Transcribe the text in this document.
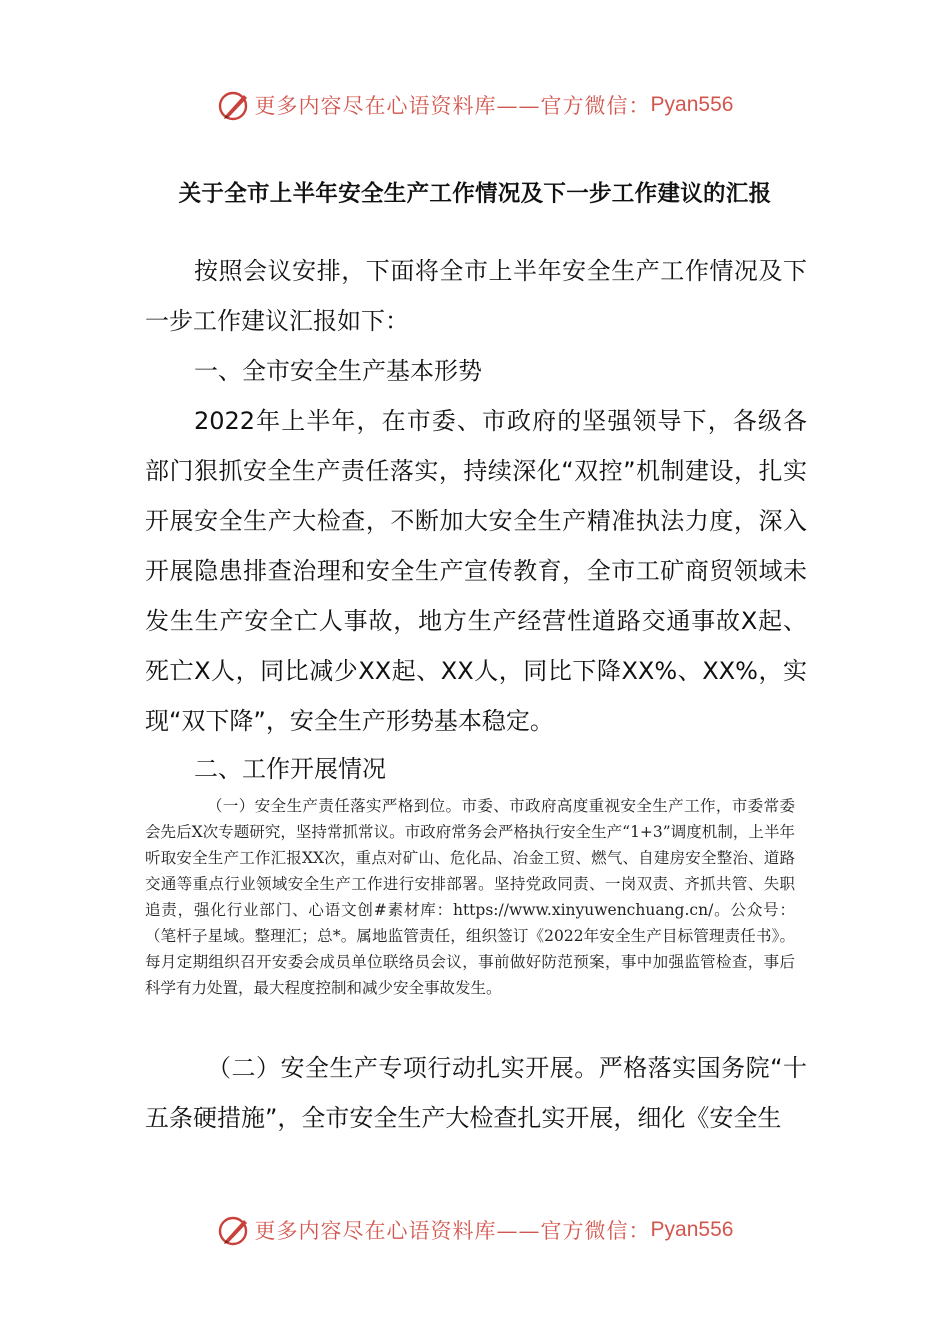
更多内容尽在心语资料库——官方微信： Pyan556
关于全市上半年安全生产工作情况及下一步工作建议的汇报

按照会议安排，下面将全市上半年安全生产工作情况及下一步工作建议汇报如下：

一、全市安全生产基本形势

2022年上半年，在市委、市政府的坚强领导下，各级各部门狠抓安全生产责任落实，持续深化“双控”机制建设，扎实开展安全生产大检查，不断加大安全生产精准执法力度，深入开展隐患排查治理和安全生产宣传教育，全市工矿商贸领域未发生生产安全亡人事故，地方生产经营性道路交通事故X起、死亡X人，同比减少XX起、XX人，同比下降XX%、XX%，实现“双下降”，安全生产形势基本稳定。

二、工作开展情况

（一）安全生产责任落实严格到位。市委、市政府高度重视安全生产工作，市委常委会先后X次专题研究，坚持常抓常议。市政府常务会严格执行安全生产“1+3”调度机制，上半年听取安全生产工作汇报XX次，重点对矿山、危化品、冶金工贸、燃气、自建房安全整治、道路交通等重点行业领域安全生产工作进行安排部署。坚持党政同责、一岗双责、齐抓共管、失职追责，强化行业部门、心语文创#素材库：https://www.xinyuwenchuang.cn/。公众号：（笔杆子星域。整理汇；总*。属地监管责任，组织签订《2022年安全生产目标管理责任书》。每月定期组织召开安委会成员单位联络员会议，事前做好防范预案，事中加强监管检查，事后科学有力处置，最大程度控制和减少安全事故发生。

（二）安全生产专项行动扎实开展。严格落实国务院“十五条硬措施”，全市安全生产大检查扎实开展，细化《安全生

更多内容尽在心语资料库——官方微信： Pyan556
